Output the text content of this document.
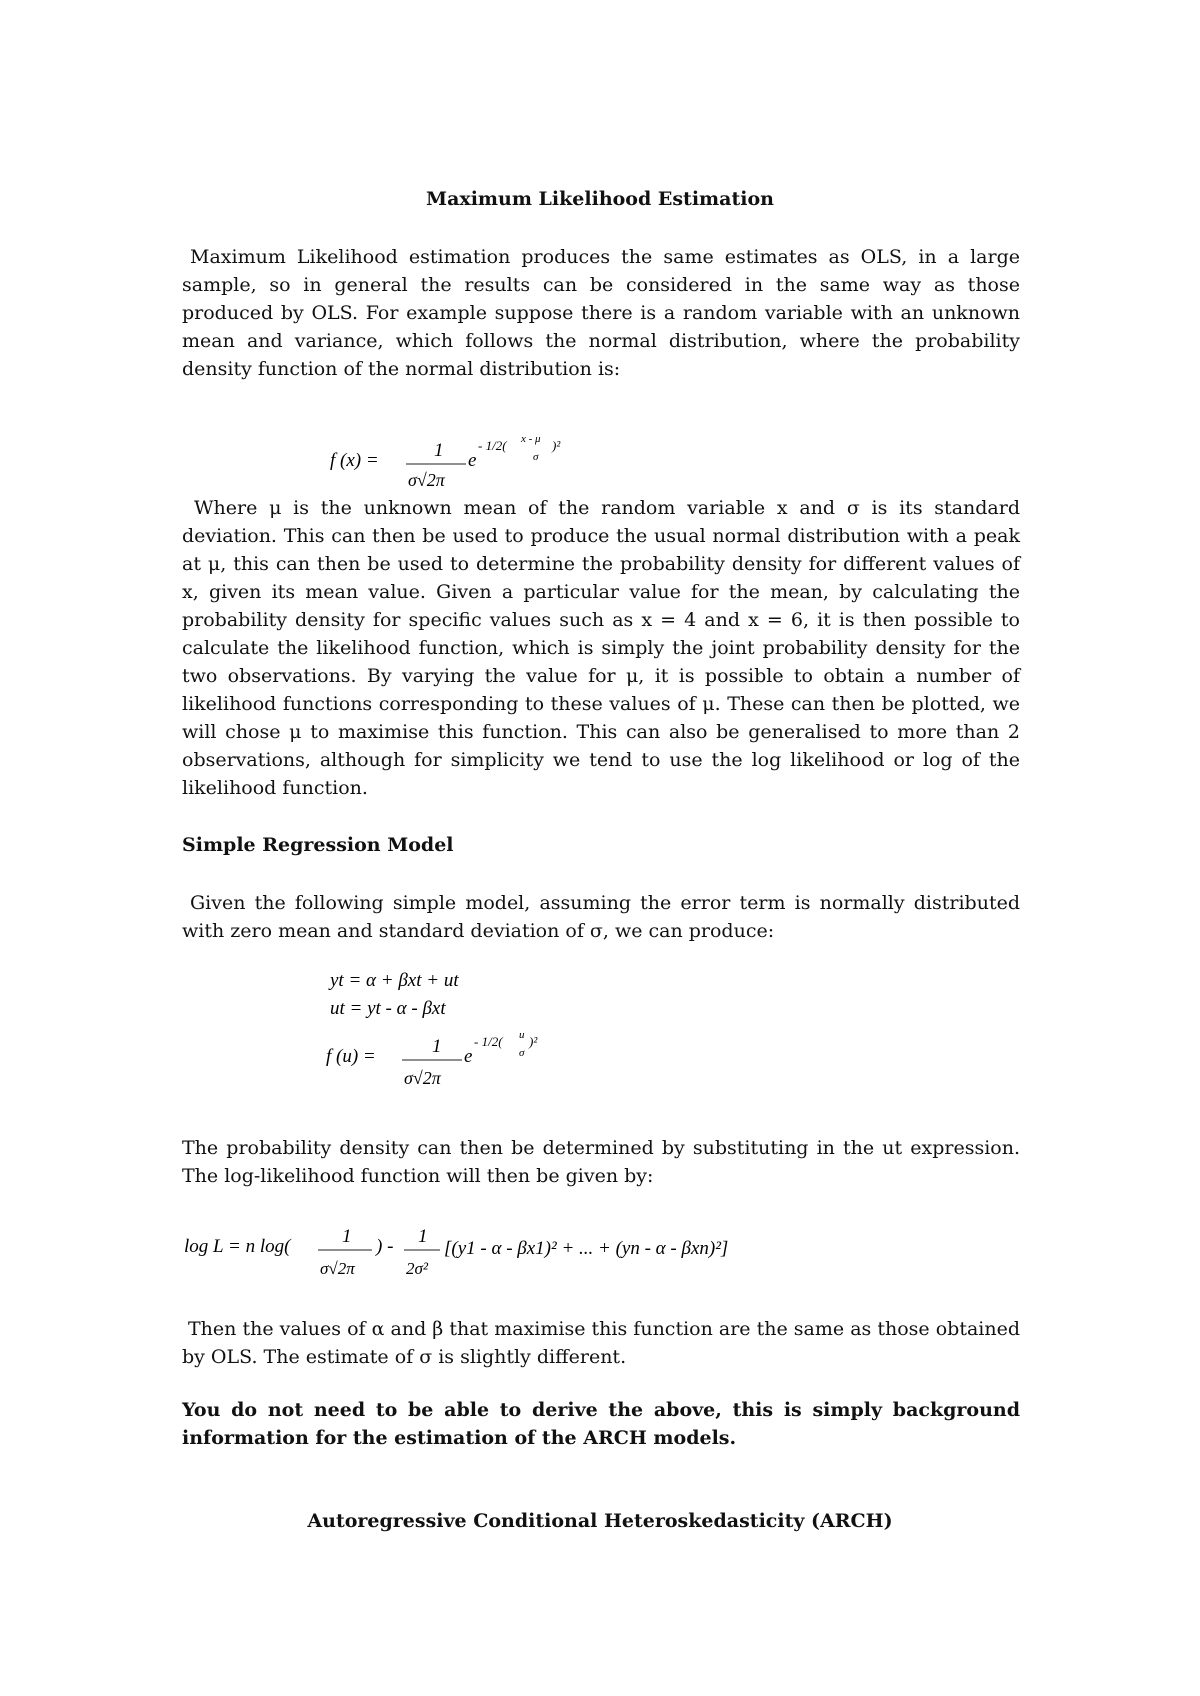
Maximum Likelihood Estimation

Maximum Likelihood estimation produces the same estimates as OLS, in a large sample, so in general the results can be considered in the same way as those produced by OLS. For example suppose there is a random variable with an unknown mean and variance, which follows the normal distribution, where the probability density function of the normal distribution is:

f (x) =	1
σ√2π
e
- 1/2( x - μ
σ
)²

Where μ is the unknown mean of the random variable x and σ is its standard deviation. This can then be used to produce the usual normal distribution with a peak at μ, this can then be used to determine the probability density for different values of x, given its mean value. Given a particular value for the mean, by calculating the probability density for specific values such as x = 4 and x = 6, it is then possible to calculate the likelihood function, which is simply the joint probability density for the two observations. By varying the value for μ, it is possible to obtain a number of likelihood functions corresponding to these values of μ. These can then be plotted, we will chose μ to maximise this function. This can also be generalised to more than 2 observations, although for simplicity we tend to use the log likelihood or log of the likelihood function.

Simple Regression Model

Given the following simple model, assuming the error term is normally distributed with zero mean and standard deviation of σ, we can produce:

yt = α + βxt + ut
ut = yt - α - βxt
f (u) =	1
σ√2π
e
- 1/2( u
σ
)²

The probability density can then be determined by substituting in the ut expression. The log-likelihood function will then be given by:

log L = n log(	1
σ√2π
) - 1
2σ²
[(y1 - α - βx1)² + ... + (yn - α - βxn)²]

Then the values of α and β that maximise this function are the same as those obtained by OLS. The estimate of σ is slightly different.

You do not need to be able to derive the above, this is simply background information for the estimation of the ARCH models.

Autoregressive Conditional Heteroskedasticity (ARCH)
